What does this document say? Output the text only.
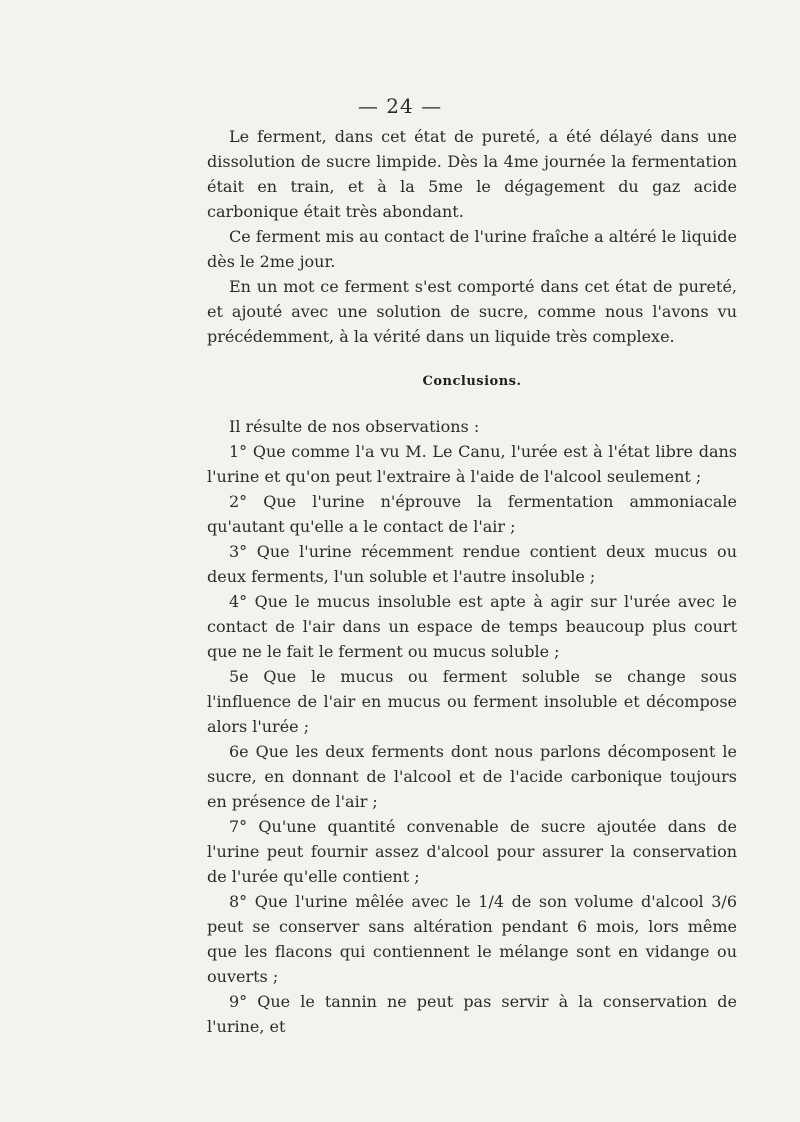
— 24 —

Le ferment, dans cet état de pureté, a été délayé dans une dissolution de sucre limpide. Dès la 4me journée la fermentation était en train, et à la 5me le dégagement du gaz acide carbonique était très abondant.

Ce ferment mis au contact de l'urine fraîche a altéré le liquide dès le 2me jour.

En un mot ce ferment s'est comporté dans cet état de pureté, et ajouté avec une solution de sucre, comme nous l'avons vu précédemment, à la vérité dans un liquide très complexe.

Conclusions.

Il résulte de nos observations :

1° Que comme l'a vu M. Le Canu, l'urée est à l'état libre dans l'urine et qu'on peut l'extraire à l'aide de l'alcool seulement ;

2° Que l'urine n'éprouve la fermentation ammoniacale qu'autant qu'elle a le contact de l'air ;

3° Que l'urine récemment rendue contient deux mucus ou deux ferments, l'un soluble et l'autre insoluble ;

4° Que le mucus insoluble est apte à agir sur l'urée avec le contact de l'air dans un espace de temps beaucoup plus court que ne le fait le ferment ou mucus soluble ;

5e Que le mucus ou ferment soluble se change sous l'influence de l'air en mucus ou ferment insoluble et décompose alors l'urée ;

6e Que les deux ferments dont nous parlons décomposent le sucre, en donnant de l'alcool et de l'acide carbonique toujours en présence de l'air ;

7° Qu'une quantité convenable de sucre ajoutée dans de l'urine peut fournir assez d'alcool pour assurer la conservation de l'urée qu'elle contient ;

8° Que l'urine mêlée avec le 1/4 de son volume d'alcool 3/6 peut se conserver sans altération pendant 6 mois, lors même que les flacons qui contiennent le mélange sont en vidange ou ouverts ;

9° Que le tannin ne peut pas servir à la conservation de l'urine, et
